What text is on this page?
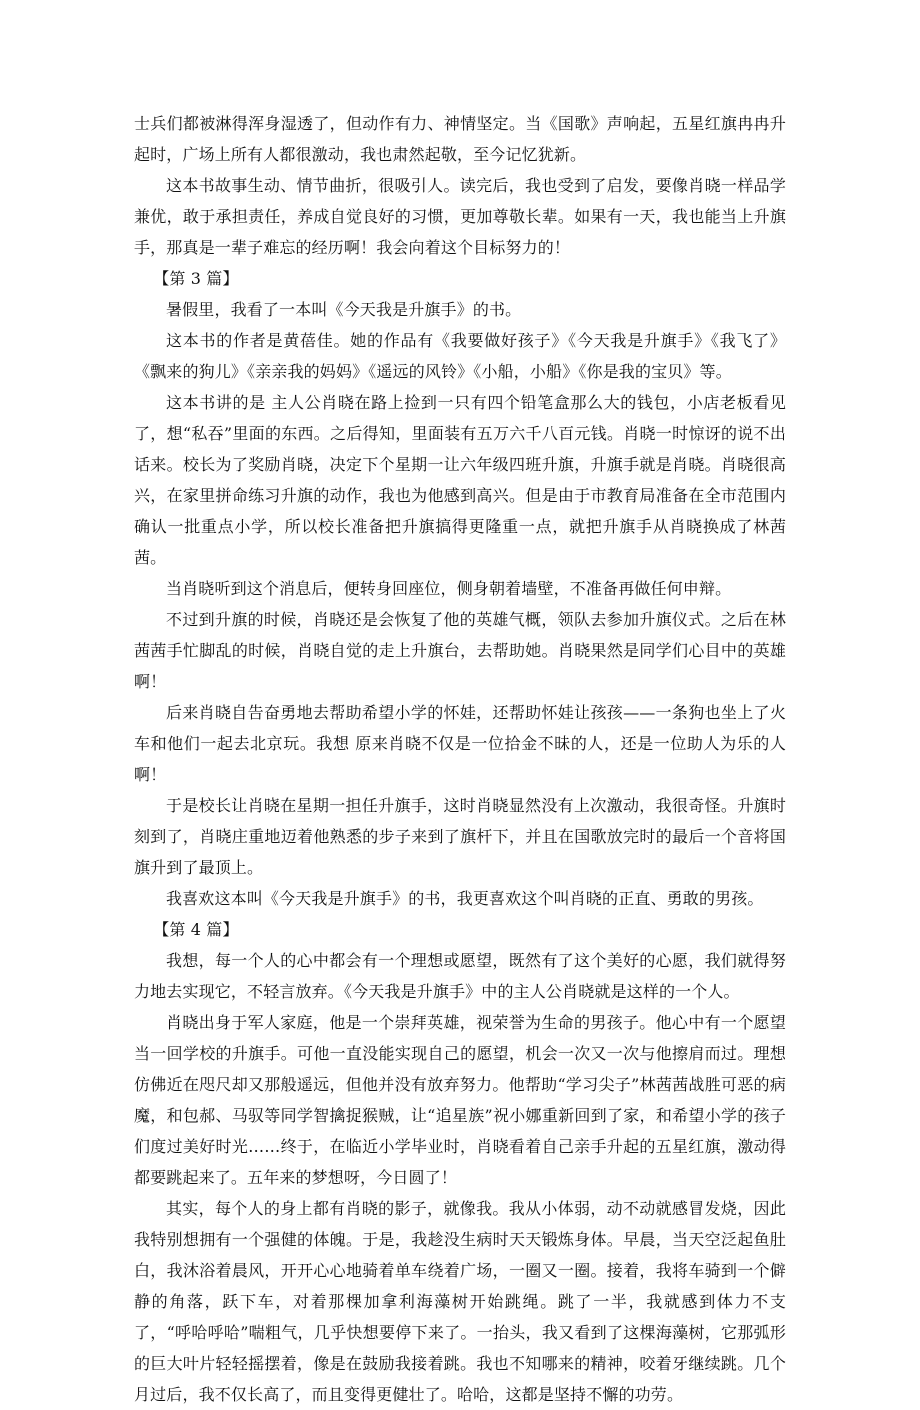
士兵们都被淋得浑身湿透了，但动作有力、神情坚定。当《国歌》声响起，五星红旗冉冉升起时，广场上所有人都很激动，我也肃然起敬，至今记忆犹新。

这本书故事生动、情节曲折，很吸引人。读完后，我也受到了启发，要像肖晓一样品学兼优，敢于承担责任，养成自觉良好的习惯，更加尊敬长辈。如果有一天，我也能当上升旗手，那真是一辈子难忘的经历啊！我会向着这个目标努力的！

【第 3 篇】

暑假里，我看了一本叫《今天我是升旗手》的书。

这本书的作者是黄蓓佳。她的作品有《我要做好孩子》《今天我是升旗手》《我飞了》《飘来的狗儿》《亲亲我的妈妈》《遥远的风铃》《小船，小船》《你是我的宝贝》等。

这本书讲的是 主人公肖晓在路上捡到一只有四个铅笔盒那么大的钱包，小店老板看见了，想“私吞”里面的东西。之后得知，里面装有五万六千八百元钱。肖晓一时惊讶的说不出话来。校长为了奖励肖晓，决定下个星期一让六年级四班升旗，升旗手就是肖晓。肖晓很高兴，在家里拼命练习升旗的动作，我也为他感到高兴。但是由于市教育局准备在全市范围内确认一批重点小学，所以校长准备把升旗搞得更隆重一点，就把升旗手从肖晓换成了林茜茜。

当肖晓听到这个消息后，便转身回座位，侧身朝着墙壁，不准备再做任何申辩。

不过到升旗的时候，肖晓还是会恢复了他的英雄气概，领队去参加升旗仪式。之后在林茜茜手忙脚乱的时候，肖晓自觉的走上升旗台，去帮助她。肖晓果然是同学们心目中的英雄啊！

后来肖晓自告奋勇地去帮助希望小学的怀娃，还帮助怀娃让孩孩——一条狗也坐上了火车和他们一起去北京玩。我想 原来肖晓不仅是一位拾金不昧的人，还是一位助人为乐的人啊！

于是校长让肖晓在星期一担任升旗手，这时肖晓显然没有上次激动，我很奇怪。升旗时刻到了，肖晓庄重地迈着他熟悉的步子来到了旗杆下，并且在国歌放完时的最后一个音将国旗升到了最顶上。

我喜欢这本叫《今天我是升旗手》的书，我更喜欢这个叫肖晓的正直、勇敢的男孩。

【第 4 篇】

我想，每一个人的心中都会有一个理想或愿望，既然有了这个美好的心愿，我们就得努力地去实现它，不轻言放弃。《今天我是升旗手》中的主人公肖晓就是这样的一个人。

肖晓出身于军人家庭，他是一个崇拜英雄，视荣誉为生命的男孩子。他心中有一个愿望当一回学校的升旗手。可他一直没能实现自己的愿望，机会一次又一次与他擦肩而过。理想仿佛近在咫尺却又那般遥远，但他并没有放弃努力。他帮助“学习尖子”林茜茜战胜可恶的病魔，和包郝、马驭等同学智擒捉猴贼，让“追星族”祝小娜重新回到了家，和希望小学的孩子们度过美好时光……终于，在临近小学毕业时，肖晓看着自己亲手升起的五星红旗，激动得都要跳起来了。五年来的梦想呀，今日圆了！

其实，每个人的身上都有肖晓的影子，就像我。我从小体弱，动不动就感冒发烧，因此我特别想拥有一个强健的体魄。于是，我趁没生病时天天锻炼身体。早晨，当天空泛起鱼肚白，我沐浴着晨风，开开心心地骑着单车绕着广场，一圈又一圈。接着，我将车骑到一个僻静的角落，跃下车，对着那棵加拿利海藻树开始跳绳。跳了一半，我就感到体力不支了，“呼哈呼哈”喘粗气，几乎快想要停下来了。一抬头，我又看到了这棵海藻树，它那弧形的巨大叶片轻轻摇摆着，像是在鼓励我接着跳。我也不知哪来的精神，咬着牙继续跳。几个月过后，我不仅长高了，而且变得更健壮了。哈哈，这都是坚持不懈的功劳。
